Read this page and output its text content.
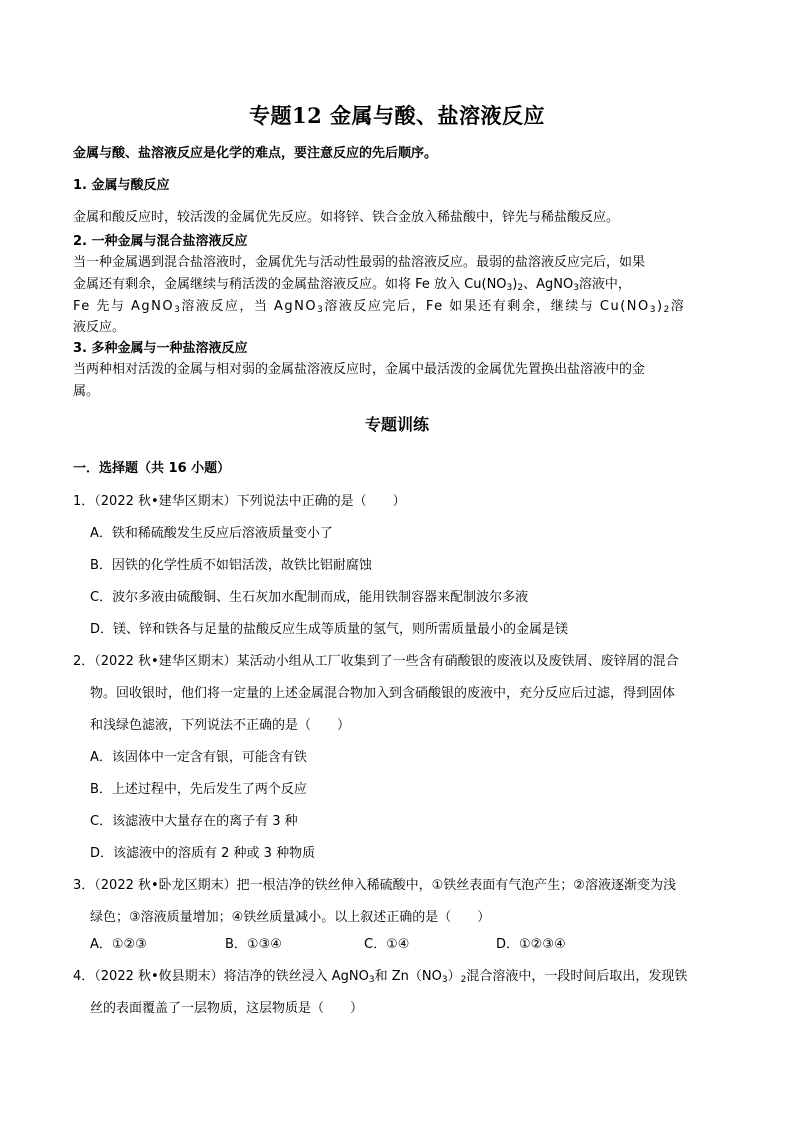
专题12 金属与酸、盐溶液反应
金属与酸、盐溶液反应是化学的难点，要注意反应的先后顺序。
1. 金属与酸反应
金属和酸反应时，较活泼的金属优先反应。如将锌、铁合金放入稀盐酸中，锌先与稀盐酸反应。
2. 一种金属与混合盐溶液反应
当一种金属遇到混合盐溶液时，金属优先与活动性最弱的盐溶液反应。最弱的盐溶液反应完后，如果
金属还有剩余，金属继续与稍活泼的金属盐溶液反应。如将 Fe 放入 $Cu(NO_3)_2$、AgNO$_3$溶液中，
Fe 先与 AgNO$_3$溶液反应，当 AgNO$_3$溶液反应完后，Fe 如果还有剩余，继续与 $Cu(NO_3)_2$溶
液反应。
3. 多种金属与一种盐溶液反应
当两种相对活泼的金属与相对弱的金属盐溶液反应时，金属中最活泼的金属优先置换出盐溶液中的金
属。
专题训练
一．选择题（共 16 小题）
1．（2022 秋•建华区期末）下列说法中正确的是（　　）
A．铁和稀硫酸发生反应后溶液质量变小了
B．因铁的化学性质不如铝活泼，故铁比铝耐腐蚀
C．波尔多液由硫酸铜、生石灰加水配制而成，能用铁制容器来配制波尔多液
D．镁、锌和铁各与足量的盐酸反应生成等质量的氢气，则所需质量最小的金属是镁
2．（2022 秋•建华区期末）某活动小组从工厂收集到了一些含有硝酸银的废液以及废铁屑、废锌屑的混合
物。回收银时，他们将一定量的上述金属混合物加入到含硝酸银的废液中，充分反应后过滤，得到固体
和浅绿色滤液，下列说法不正确的是（　　）
A．该固体中一定含有银，可能含有铁
B．上述过程中，先后发生了两个反应
C．该滤液中大量存在的离子有 3 种
D．该滤液中的溶质有 2 种或 3 种物质
3．（2022 秋•卧龙区期末）把一根洁净的铁丝伸入稀硫酸中，①铁丝表面有气泡产生；②溶液逐渐变为浅
绿色；③溶液质量增加；④铁丝质量减小。以上叙述正确的是（　　）
A．①②③	B．①③④	C．①④	D．①②③④
4．（2022 秋•攸县期末）将洁净的铁丝浸入 AgNO$_3$和 $Zn(NO_3)_2$混合溶液中，一段时间后取出，发现铁
丝的表面覆盖了一层物质，这层物质是（　　）
